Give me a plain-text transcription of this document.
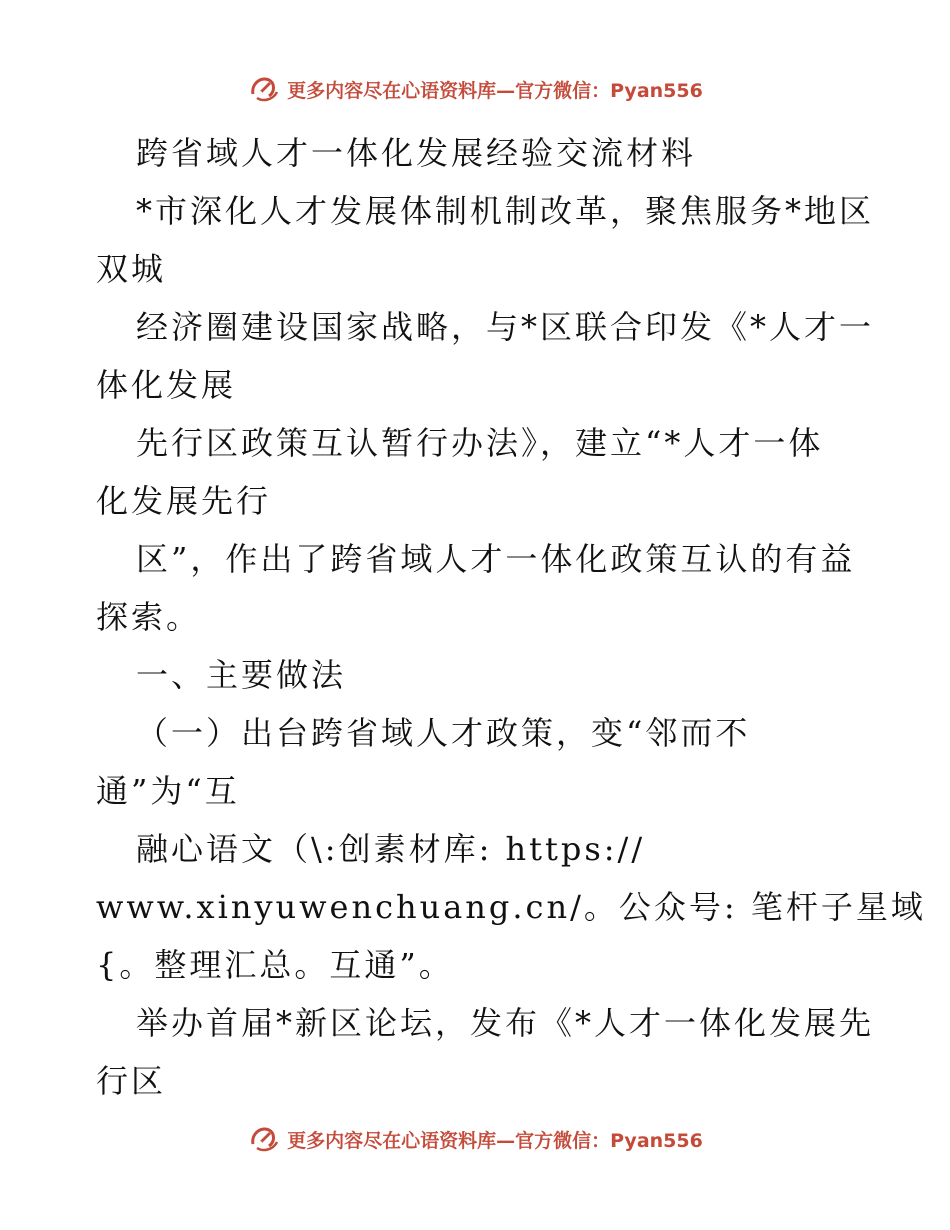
更多内容尽在心语资料库—官方微信：Pyan556
跨省域人才一体化发展经验交流材料
*市深化人才发展体制机制改革，聚焦服务*地区
双城
经济圈建设国家战略，与*区联合印发《*人才一
体化发展
先行区政策互认暂行办法》，建立“*人才一体
化发展先行
区”，作出了跨省域人才一体化政策互认的有益
探索。
一、主要做法
（一）出台跨省域人才政策，变“邻而不
通”为“互
融心语文（\:创素材库: https://
www.xinyuwenchuang.cn/。公众号: 笔杆子星域
{。整理汇总。互通”。
举办首届*新区论坛，发布《*人才一体化发展先
行区
更多内容尽在心语资料库—官方微信：Pyan556
